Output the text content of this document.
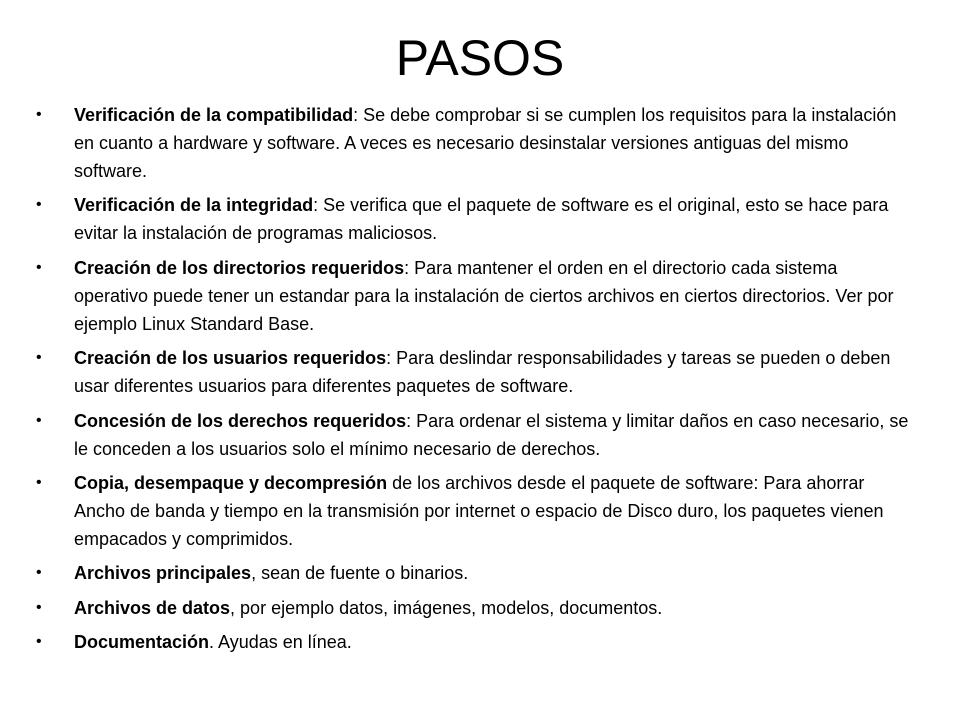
PASOS
•	Verificación de la compatibilidad: Se debe comprobar si se cumplen los requisitos para la instalación en cuanto a hardware y software. A veces es necesario desinstalar versiones antiguas del mismo software.
•	Verificación de la integridad: Se verifica que el paquete de software es el original, esto se hace para evitar la instalación de programas maliciosos.
•	Creación de los directorios requeridos: Para mantener el orden en el directorio cada sistema operativo puede tener un estandar para la instalación de ciertos archivos en ciertos directorios. Ver por ejemplo Linux Standard Base.
•	Creación de los usuarios requeridos: Para deslindar responsabilidades y tareas se pueden o deben usar diferentes usuarios para diferentes paquetes de software.
•	Concesión de los derechos requeridos: Para ordenar el sistema y limitar daños en caso necesario, se le conceden a los usuarios solo el mínimo necesario de derechos.
•	Copia, desempaque y decompresión de los archivos desde el paquete de software: Para ahorrar Ancho de banda y tiempo en la transmisión por internet o espacio de Disco duro, los paquetes vienen empacados y comprimidos.
•	Archivos principales, sean de fuente o binarios.
•	Archivos de datos, por ejemplo datos, imágenes, modelos, documentos.
•	Documentación. Ayudas en línea.
